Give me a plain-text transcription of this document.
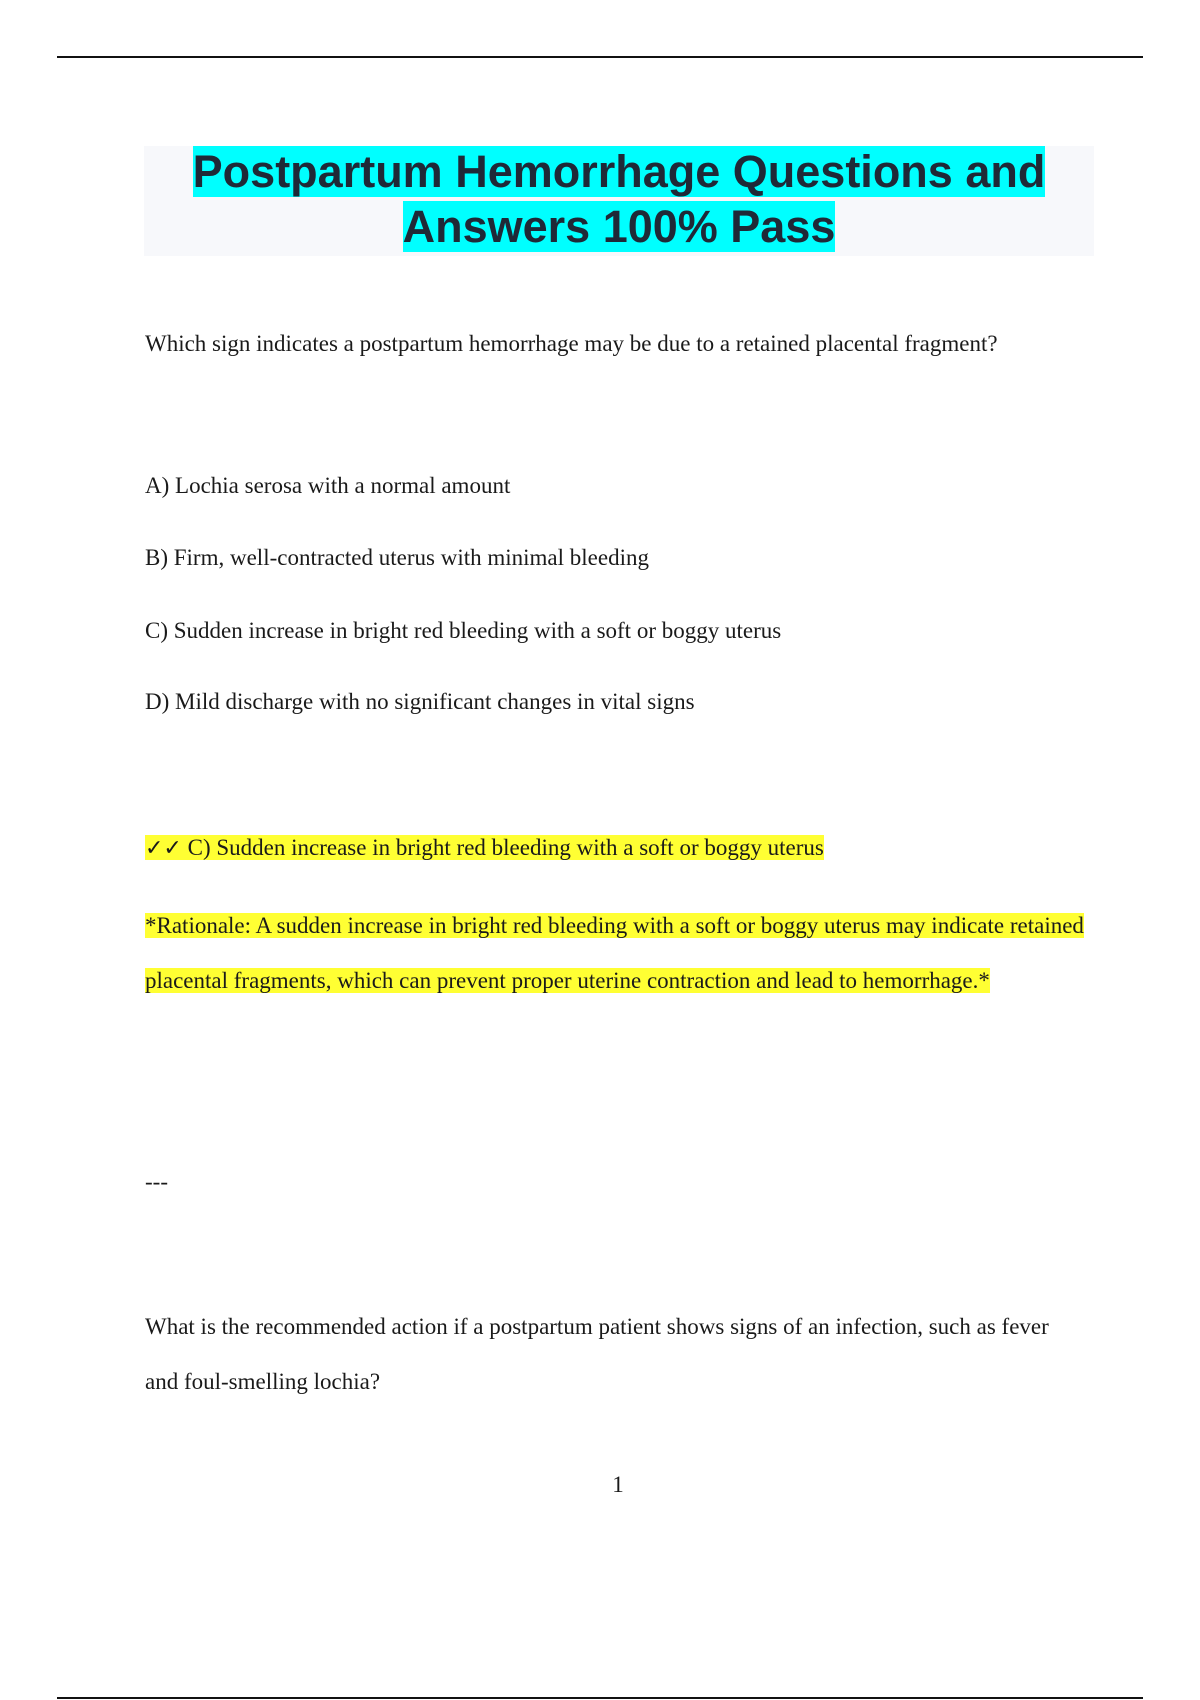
Postpartum Hemorrhage Questions and Answers 100% Pass

Which sign indicates a postpartum hemorrhage may be due to a retained placental fragment?

A) Lochia serosa with a normal amount

B) Firm, well-contracted uterus with minimal bleeding

C) Sudden increase in bright red bleeding with a soft or boggy uterus

D) Mild discharge with no significant changes in vital signs

✓✓ C) Sudden increase in bright red bleeding with a soft or boggy uterus

*Rationale: A sudden increase in bright red bleeding with a soft or boggy uterus may indicate retained placental fragments, which can prevent proper uterine contraction and lead to hemorrhage.*

---

What is the recommended action if a postpartum patient shows signs of an infection, such as fever and foul-smelling lochia?

1
